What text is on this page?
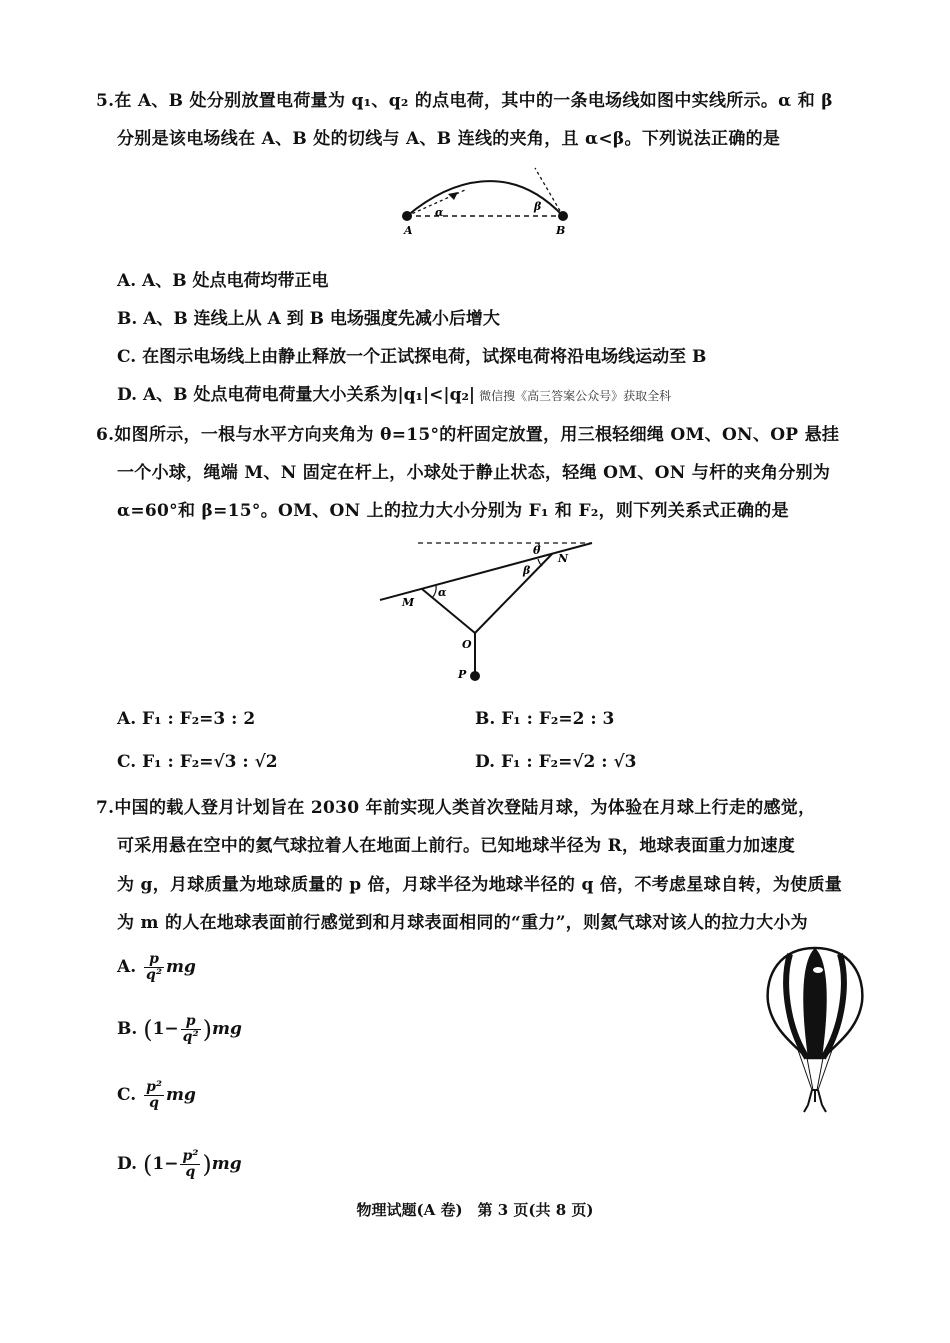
5.在 A、B 处分别放置电荷量为 q₁、q₂ 的点电荷，其中的一条电场线如图中实线所示。α 和 β
分别是该电场线在 A、B 处的切线与 A、B 连线的夹角，且 α<β。下列说法正确的是
A	B
α	β
A. A、B 处点电荷均带正电
B. A、B 连线上从 A 到 B 电场强度先减小后增大
C. 在图示电场线上由静止释放一个正试探电荷，试探电荷将沿电场线运动至 B
D. A、B 处点电荷电荷量大小关系为|q₁|<|q₂| 微信搜《高三答案公众号》获取全科
6.如图所示，一根与水平方向夹角为 θ=15°的杆固定放置，用三根轻细绳 OM、ON、OP 悬挂
一个小球，绳端 M、N 固定在杆上，小球处于静止状态，轻绳 OM、ON 与杆的夹角分别为
α=60°和 β=15°。OM、ON 上的拉力大小分别为 F₁ 和 F₂，则下列关系式正确的是
θ
N
β
M
α
O
P
A. F₁ : F₂=3 : 2	B. F₁ : F₂=2 : 3
C. F₁ : F₂=√3 : √2	D. F₁ : F₂=√2 : √3
7.中国的载人登月计划旨在 2030 年前实现人类首次登陆月球，为体验在月球上行走的感觉，
可采用悬在空中的氦气球拉着人在地面上前行。已知地球半径为 R，地球表面重力加速度
为 g，月球质量为地球质量的 p 倍，月球半径为地球半径的 q 倍，不考虑星球自转，为使质量
为 m 的人在地球表面前行感觉到和月球表面相同的“重力”，则氦气球对该人的拉力大小为
A. $\frac{p}{\text{q²}}$ mg
B. $(1- \frac{p}{\text{q²}} )mg$
C. $\frac{\text{p²}}{q}$ mg
D. $(1- \frac{\text{p²}}{q} )mg$
物理试题(A 卷)　第 3 页(共 8 页)
